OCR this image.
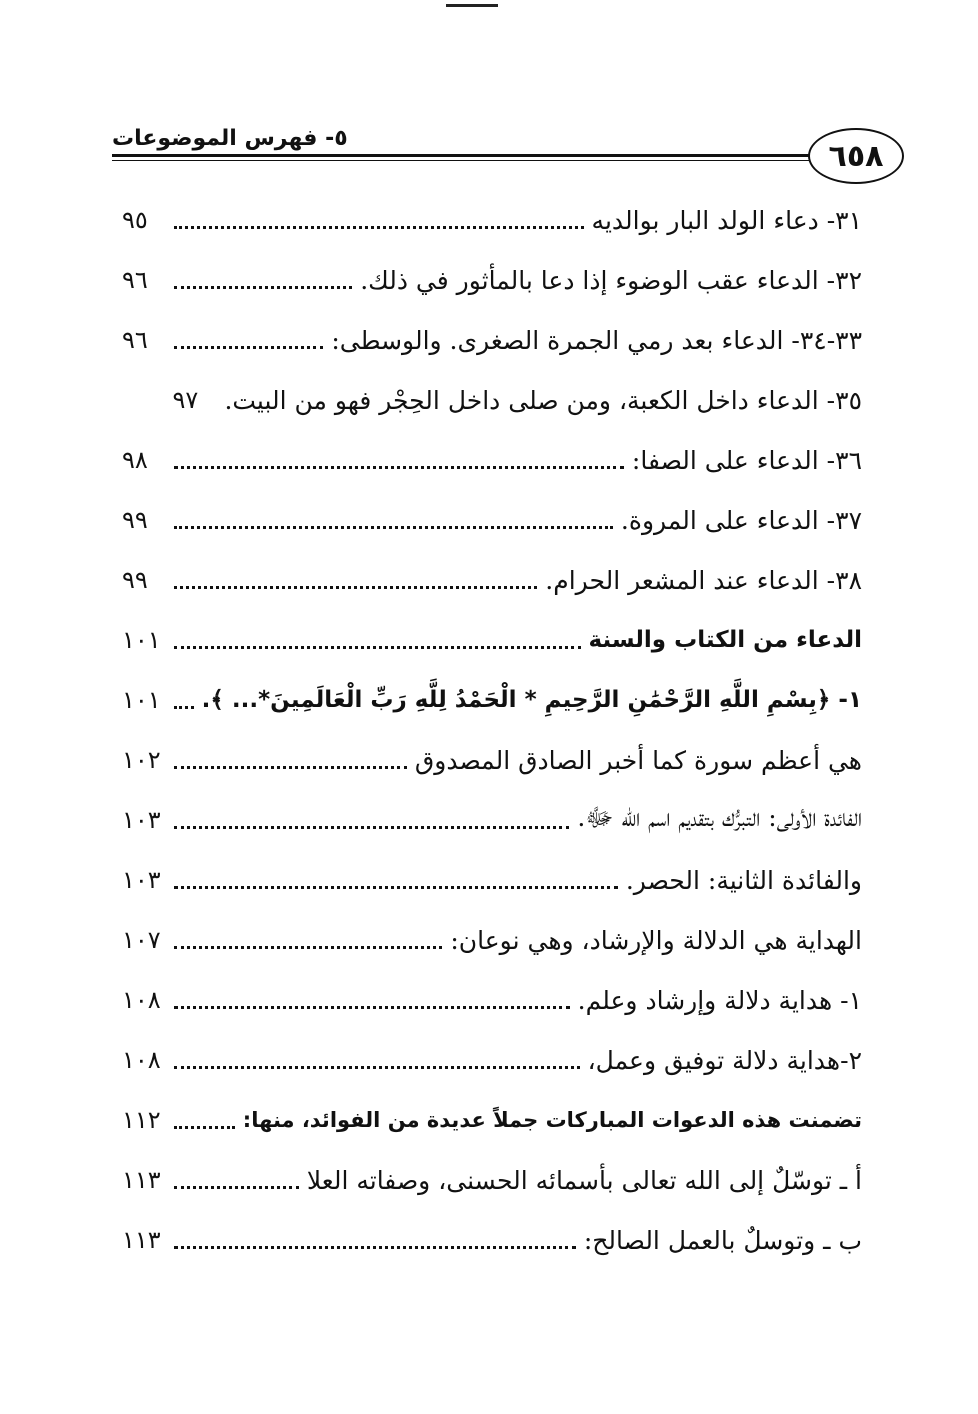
٥- فهرس الموضوعات	٦٥٨
٣١- دعاء الولد البار بوالديه
٩٥
٣٢- الدعاء عقب الوضوء إذا دعا بالمأثور في ذلك.
٩٦
٣٣-٣٤- الدعاء بعد رمي الجمرة الصغرى. والوسطى:
٩٦
٣٥- الدعاء داخل الكعبة، ومن صلى داخل الحِجْر فهو من البيت.
٩٧
٣٦- الدعاء على الصفا:
٩٨
٣٧- الدعاء على المروة.
٩٩
٣٨- الدعاء عند المشعر الحرام.
٩٩
الدعاء من الكتاب والسنة
١٠١
١- ﴿بِسْمِ اللَّهِ الرَّحْمَٰنِ الرَّحِيمِ * الْحَمْدُ لِلَّهِ رَبِّ الْعَالَمِينَ*... ﴾.
١٠١
هي أعظم سورة كما أخبر الصادق المصدوق
١٠٢
الفائدة الأولى: التبرُّك بتقديم اسم الله ﷻ.
١٠٣
والفائدة الثانية: الحصر.
١٠٣
الهداية هي الدلالة والإرشاد، وهي نوعان:
١٠٧
١- هداية دلالة وإرشاد وعلم.
١٠٨
٢-هداية دلالة توفيق وعمل،
١٠٨
تضمنت هذه الدعوات المباركات جملاً عديدة من الفوائد، منها:
١١٢
أ ـ توسّلٌ إلى الله تعالى بأسمائه الحسنى، وصفاته العلا
١١٣
ب ـ وتوسلٌ بالعمل الصالح:
١١٣
